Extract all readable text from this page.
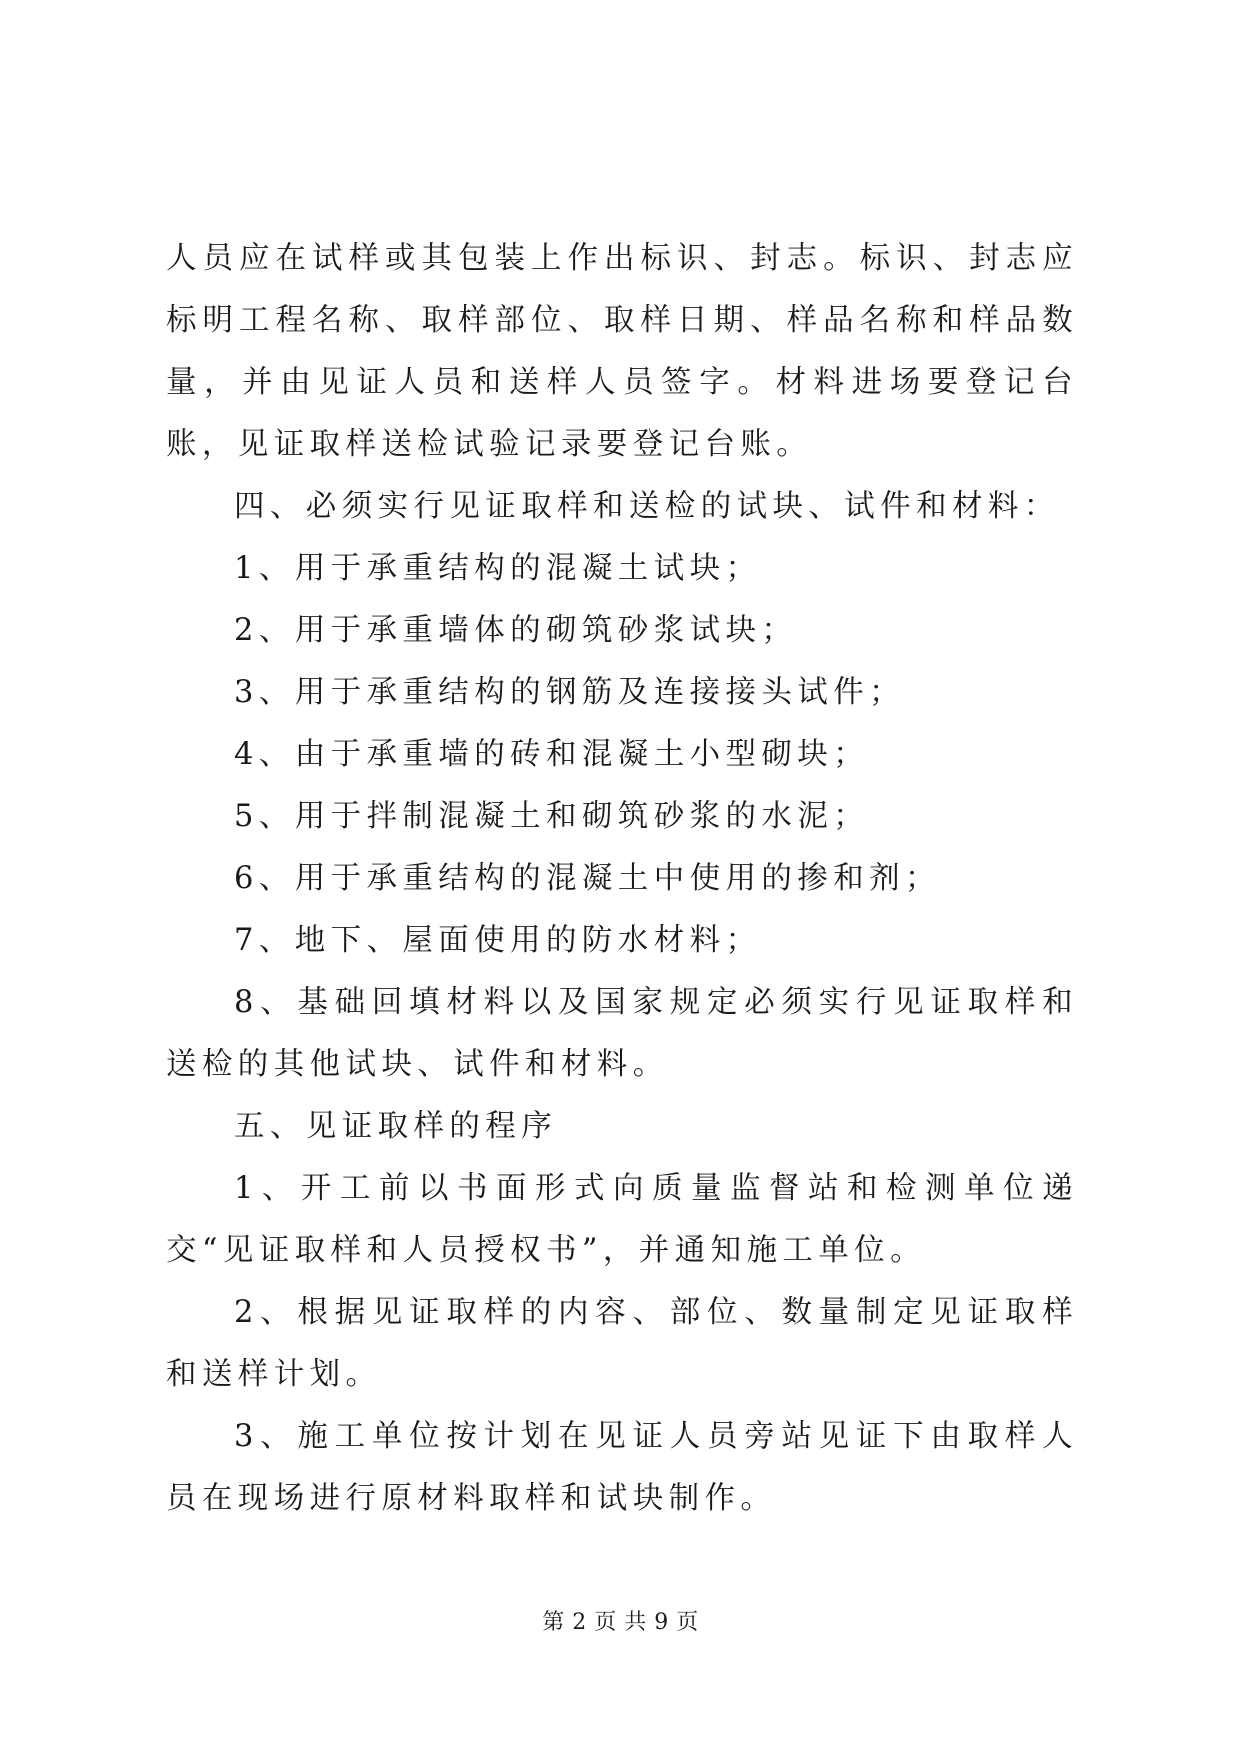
人员应在试样或其包装上作出标识、封志。标识、封志应标明工程名称、取样部位、取样日期、样品名称和样品数量，并由见证人员和送样人员签字。材料进场要登记台账，见证取样送检试验记录要登记台账。

四、必须实行见证取样和送检的试块、试件和材料：

1、用于承重结构的混凝土试块；

2、用于承重墙体的砌筑砂浆试块；

3、用于承重结构的钢筋及连接接头试件；

4、由于承重墙的砖和混凝土小型砌块；

5、用于拌制混凝土和砌筑砂浆的水泥；

6、用于承重结构的混凝土中使用的掺和剂；

7、地下、屋面使用的防水材料；

8、基础回填材料以及国家规定必须实行见证取样和送检的其他试块、试件和材料。

五、见证取样的程序

1、开工前以书面形式向质量监督站和检测单位递交“见证取样和人员授权书”，并通知施工单位。

2、根据见证取样的内容、部位、数量制定见证取样和送样计划。

3、施工单位按计划在见证人员旁站见证下由取样人员在现场进行原材料取样和试块制作。

第 2 页 共 9 页
